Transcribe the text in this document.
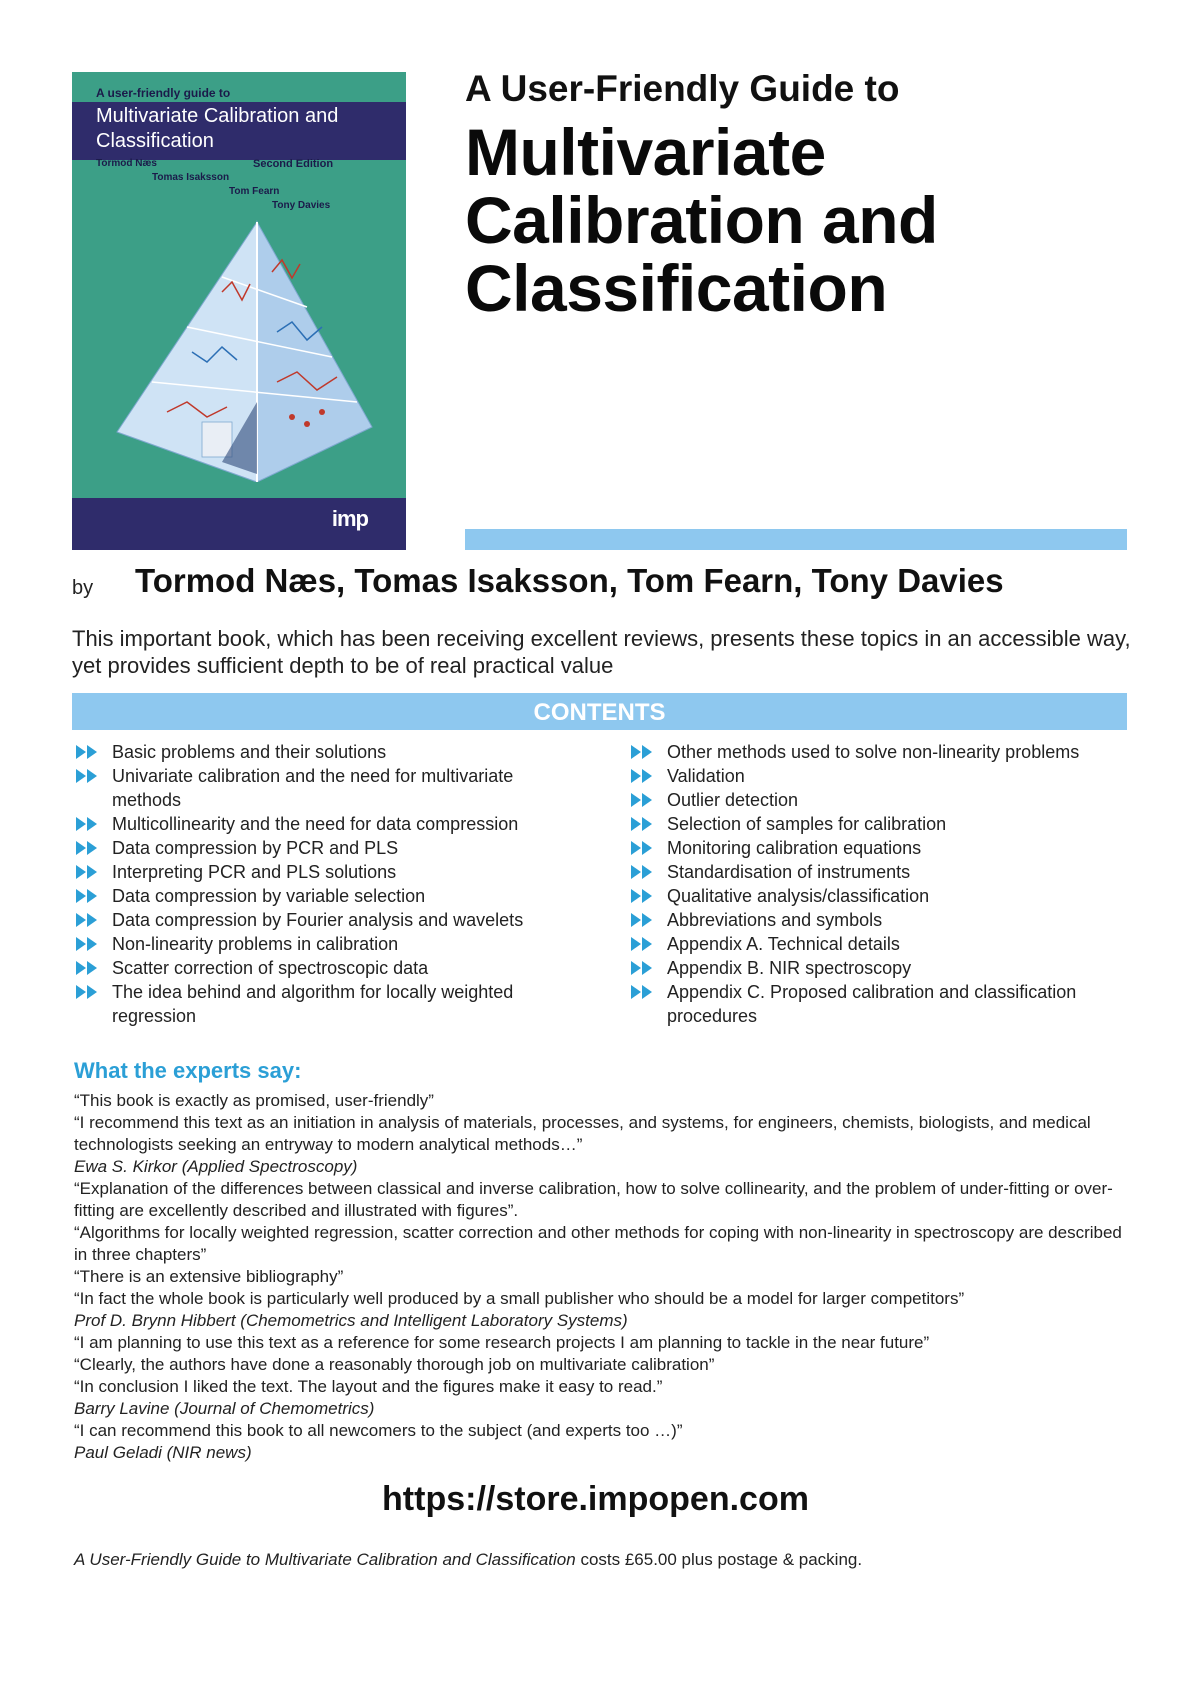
A user-friendly guide to
Multivariate Calibration and Classification
Second Edition
Tormod Næs
Tomas Isaksson
Tom Fearn
Tony Davies
imp
A User-Friendly Guide to
Multivariate
Calibration and
Classification
by Tormod Næs, Tomas Isaksson, Tom Fearn, Tony Davies
This important book, which has been receiving excellent reviews, presents these topics in an accessible way, yet provides sufficient depth to be of real practical value
CONTENTS
Basic problems and their solutions
Univariate calibration and the need for multivariate methods
Multicollinearity and the need for data compression
Data compression by PCR and PLS
Interpreting PCR and PLS solutions
Data compression by variable selection
Data compression by Fourier analysis and wavelets
Non-linearity problems in calibration
Scatter correction of spectroscopic data
The idea behind and algorithm for locally weighted regression
Other methods used to solve non-linearity problems
Validation
Outlier detection
Selection of samples for calibration
Monitoring calibration equations
Standardisation of instruments
Qualitative analysis/classification
Abbreviations and symbols
Appendix A. Technical details
Appendix B. NIR spectroscopy
Appendix C. Proposed calibration and classification procedures
What the experts say:
“This book is exactly as promised, user-friendly”
“I recommend this text as an initiation in analysis of materials, processes, and systems, for engineers, chemists, biologists, and medical technologists seeking an entryway to modern analytical methods…”
Ewa S. Kirkor (Applied Spectroscopy)
“Explanation of the differences between classical and inverse calibration, how to solve collinearity, and the problem of under-fitting or over-fitting are excellently described and illustrated with figures”.
“Algorithms for locally weighted regression, scatter correction and other methods for coping with non-linearity in spectroscopy are described in three chapters”
“There is an extensive bibliography”
“In fact the whole book is particularly well produced by a small publisher who should be a model for larger competitors”
Prof D. Brynn Hibbert (Chemometrics and Intelligent Laboratory Systems)
“I am planning to use this text as a reference for some research projects I am planning to tackle in the near future”
“Clearly, the authors have done a reasonably thorough job on multivariate calibration”
“In conclusion I liked the text. The layout and the figures make it easy to read.”
Barry Lavine (Journal of Chemometrics)
“I can recommend this book to all newcomers to the subject (and experts too …)”
Paul Geladi (NIR news)
https://store.impopen.com
A User-Friendly Guide to Multivariate Calibration and Classification costs £65.00 plus postage & packing.
